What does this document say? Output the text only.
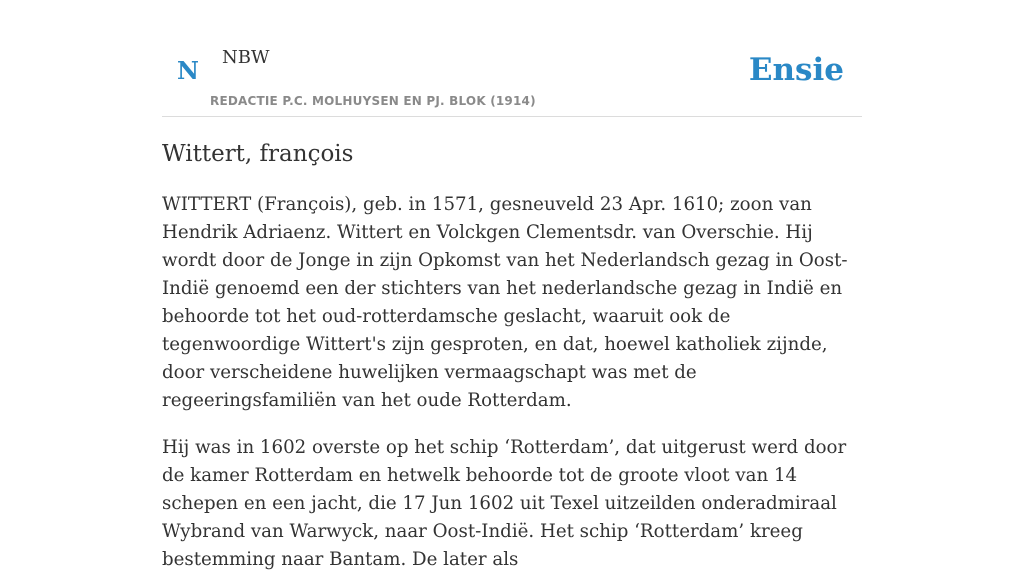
N NBW
REDACTIE P.C. MOLHUYSEN EN PJ. BLOK (1914)
Ensie
Wittert, françois

WITTERT (François), geb. in 1571, gesneuveld 23 Apr. 1610; zoon van Hendrik Adriaenz. Wittert en Volckgen Clementsdr. van Overschie. Hij wordt door de Jonge in zijn Opkomst van het Nederlandsch gezag in Oost- Indië genoemd een der stichters van het nederlandsche gezag in Indië en behoorde tot het oud-rotterdamsche geslacht, waaruit ook de tegenwoordige Wittert's zijn gesproten, en dat, hoewel katholiek zijnde, door verscheidene huwelijken vermaagschapt was met de regeeringsfamiliën van het oude Rotterdam.

Hij was in 1602 overste op het schip ‘Rotterdam’, dat uitgerust werd door de kamer Rotterdam en hetwelk behoorde tot de groote vloot van 14 schepen en een jacht, die 17 Jun 1602 uit Texel uitzeilden onderadmiraal Wybrand van Warwyck, naar Oost-Indië. Het schip ‘Rotterdam’ kreeg bestemming naar Bantam. De later als
